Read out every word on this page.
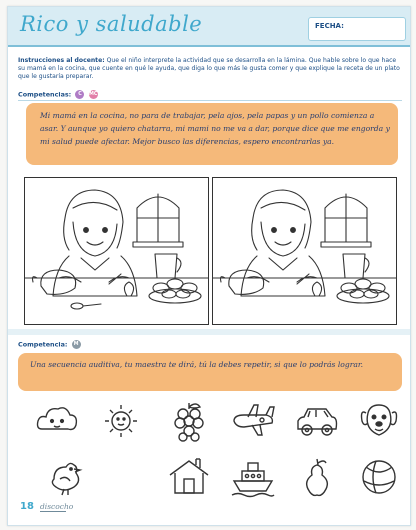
Rico y saludable	FECHA:
Instrucciones al docente: Que el niño interprete la actividad que se desarrolla en la lámina. Que hable sobre lo que hace su mamá en la cocina, que cuente en qué le ayuda, que diga lo que más le gusta comer y que explique la receta de un plato que le gustaría preparar.
Competencias: C MC
Mi mamá en la cocina, no para de trabajar, pela ajos, pela papas y un pollo comienza a asar. Y aunque yo quiero chatarra, mi mami no me va a dar, porque dice que me engorda y mi salud puede afectar. Mejor busco las diferencias, espero encontrarlas ya.
Competencia: M
Una secuencia auditiva, tu maestra te dirá, tú la debes repetir, si que lo podrás lograr.
18 discocho
